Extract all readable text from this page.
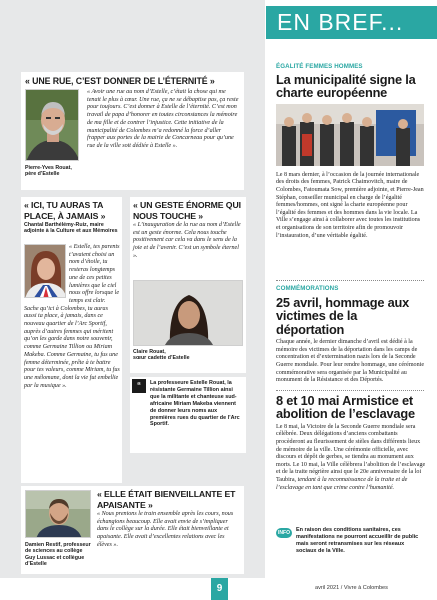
« UNE RUE, C’EST DONNER DE L’ÉTERNITÉ »
Pierre-Yves Rouat,
père d’Estelle
« Avoir une rue au nom d’Estelle, c’était la chose qui me tenait le plus à cœur. Une rue, ça ne se débaptise pas, ça reste pour toujours. C’est donner à Estelle de l’éternité. C’est mon travail de papa d’honorer en toutes circonstances la mémoire de ma fille et de contrer l’injustice. Cette initiative de la municipalité de Colombes m’a redonné la force d’aller frapper aux portes de la mairie de Concarneau pour qu’une rue de la ville soit dédiée à Estelle ».
« ICI, TU AURAS TA PLACE, À JAMAIS »
Chantal Barthélémy-Ruiz, maire adjointe à la Culture et aux Mémoires
« Estelle, tes parents t’avaient choisi un nom d’étoile, tu resteras longtemps une de ces petites lumières que le ciel nous offre lorsque le temps est clair. Sache qu’ici à Colombes, tu auras aussi ta place, à jamais, dans ce nouveau quartier de l’Arc Sportif, auprès d’autres femmes qui méritent qu’on les garde dans notre souvenir, comme Germaine Tillion ou Miriam Makeba. Comme Germaine, tu fus une femme déterminée, prête à te battre pour tes valeurs, comme Miriam, tu fus une mélomane, dont la vie fut embellie par la musique ».
« UN GESTE ÉNORME QUI NOUS TOUCHE »
« L’inauguration de la rue au nom d’Estelle est un geste énorme. Cela nous touche positivement car cela va dans le sens de la joie et de l’avenir. C’est un symbole éternel ».
Claire Rouat,
sœur cadette d’Estelle
“	La professeure Estelle Rouat, la résistante Germaine Tillion ainsi que la militante et chanteuse sud-africaine Miriam Makeba viennent de donner leurs noms aux premières rues du quartier de l’Arc Sportif.
Damien Restif, professeur
de sciences au collège
Guy Lussac et collègue
d’Estelle
« ELLE ÉTAIT BIENVEILLANTE ET APAISANTE »
« Nous prenions le train ensemble après les cours, nous échangions beaucoup. Elle avait envie de s’impliquer dans le collège sur la durée. Elle était bienveillante et apaisante. Elle avait d’excellentes relations avec les élèves ».
EN BREF...
ÉGALITÉ FEMMES HOMMES
La municipalité signe la charte européenne
Le 8 mars dernier, à l’occasion de la journée internationale des droits des femmes, Patrick Chaimovitch, maire de Colombes, Fatoumata Sow, première adjointe, et Pierre-Jean Stéphan, conseiller municipal en charge de l’égalité femmes/hommes, ont signé la charte européenne pour l’égalité des femmes et des hommes dans la vie locale. La Ville s’engage ainsi à collaborer avec toutes les institutions et organisations de son territoire afin de promouvoir l’instauration, d’une véritable égalité.
COMMÉMORATIONS
25 avril, hommage aux victimes de la déportation
Chaque année, le dernier dimanche d’avril est dédié à la mémoire des victimes de la déportation dans les camps de concentration et d’extermination nazis lors de la Seconde Guerre mondiale. Pour leur rendre hommage, une cérémonie commémorative sera organisée par la Municipalité au monument de la Résistance et des Déportés.
8 et 10 mai Armistice et abolition de l’esclavage
Le 8 mai, la Victoire de la Seconde Guerre mondiale sera célébrée. Deux délégations d’anciens combattants procèderont au fleurissement de stèles dans différents lieux de mémoire de la ville. Une cérémonie officielle, avec discours et dépôt de gerbes, se tiendra au monument aux morts. Le 10 mai, la Ville célèbrera l’abolition de l’esclavage et de la traite négrière ainsi que le 20e anniversaire de la loi Taubira, tendant à la reconnaissance de la traite et de l’esclavage en tant que crime contre l’humanité.
INFO	En raison des conditions sanitaires, ces manifestations ne pourront accueillir de public mais seront retransmises sur les réseaux sociaux de la Ville.
9	avril 2021 / Vivre à Colombes
